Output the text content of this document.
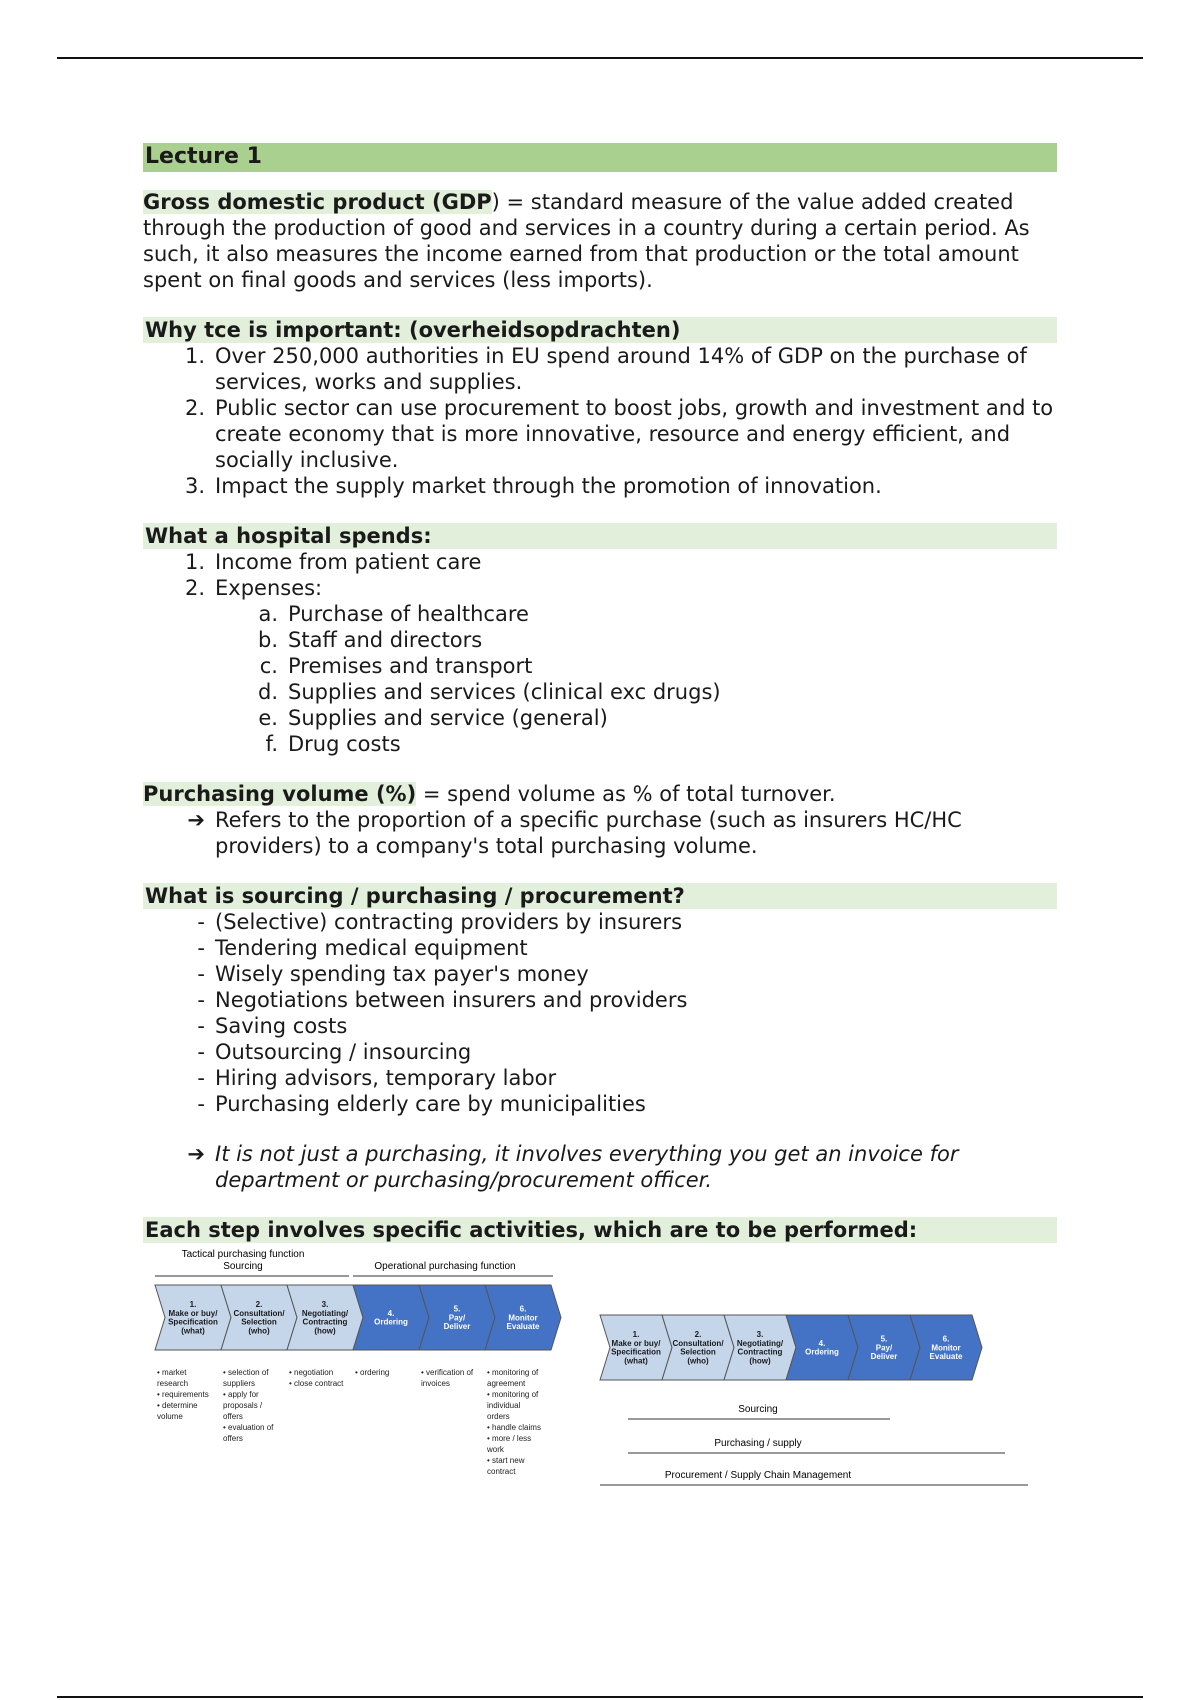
Lecture 1

Gross domestic product (GDP) = standard measure of the value added created through the production of good and services in a country during a certain period. As such, it also measures the income earned from that production or the total amount spent on final goods and services (less imports).

Why tce is important: (overheidsopdrachten)
1. Over 250,000 authorities in EU spend around 14% of GDP on the purchase of services, works and supplies.
2. Public sector can use procurement to boost jobs, growth and investment and to create economy that is more innovative, resource and energy efficient, and socially inclusive.
3. Impact the supply market through the promotion of innovation.
What a hospital spends:
1. Income from patient care
2. Expenses:
a. Purchase of healthcare
b. Staff and directors
c. Premises and transport
d. Supplies and services (clinical exc drugs)
e. Supplies and service (general)
f. Drug costs

Purchasing volume (%) = spend volume as % of total turnover.

➔ Refers to the proportion of a specific purchase (such as insurers HC/HC providers) to a company's total purchasing volume.
What is sourcing / purchasing / procurement?
- (Selective) contracting providers by insurers
- Tendering medical equipment
- Wisely spending tax payer's money
- Negotiations between insurers and providers
- Saving costs
- Outsourcing / insourcing
- Hiring advisors, temporary labor
- Purchasing elderly care by municipalities
➔ It is not just a purchasing, it involves everything you get an invoice for department or purchasing/procurement officer.
Each step involves specific activities, which are to be performed:
Tactical purchasing function
Sourcing	Operational purchasing function
1.
Make or buy/
Specification
(what)
2.
Consultation/
Selection
(who)
3.
Negotiating/
Contracting
(how)
4.
Ordering
5.
Pay/
Deliver
6.
Monitor
Evaluate
• market
research
• requirements
• determine
volume
• selection of
suppliers
• apply for
proposals /
offers
• evaluation of
offers
• negotiation
• close contract
• ordering	• verification of
invoices
• monitoring of
agreement
• monitoring of
individual
orders
• handle claims
• more / less
work
• start new
contract
1.
Make or buy/
Specification
(what)
2.
Consultation/
Selection
(who)
3.
Negotiating/
Contracting
(how)
4.
Ordering
5.
Pay/
Deliver
6.
Monitor
Evaluate
Sourcing
Purchasing / supply
Procurement / Supply Chain Management
